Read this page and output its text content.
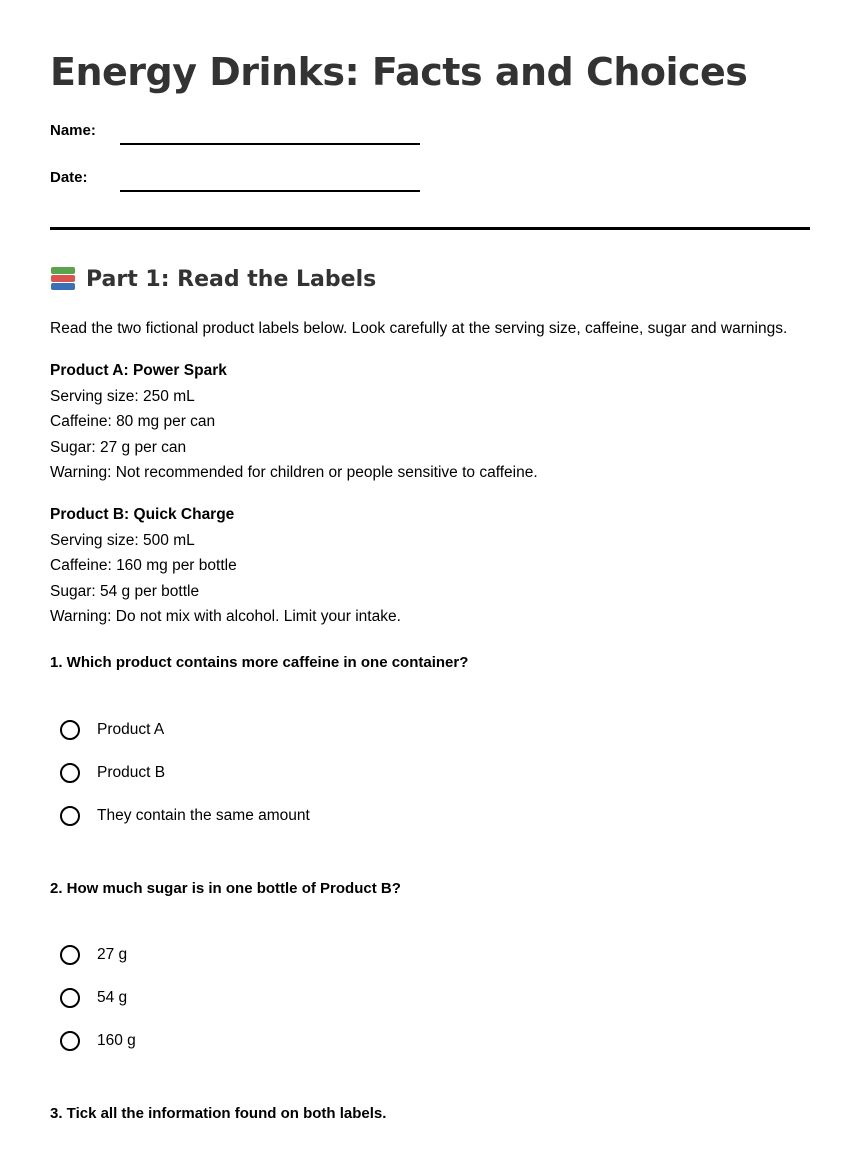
Energy Drinks: Facts and Choices
Name:
Date:
Part 1: Read the Labels
Read the two fictional product labels below. Look carefully at the serving size, caffeine, sugar and warnings.
Product A: Power Spark
Serving size: 250 mL
Caffeine: 80 mg per can
Sugar: 27 g per can
Warning: Not recommended for children or people sensitive to caffeine.
Product B: Quick Charge
Serving size: 500 mL
Caffeine: 160 mg per bottle
Sugar: 54 g per bottle
Warning: Do not mix with alcohol. Limit your intake.
1. Which product contains more caffeine in one container?
Product A
Product B
They contain the same amount
2. How much sugar is in one bottle of Product B?
27 g
54 g
160 g
3. Tick all the information found on both labels.
